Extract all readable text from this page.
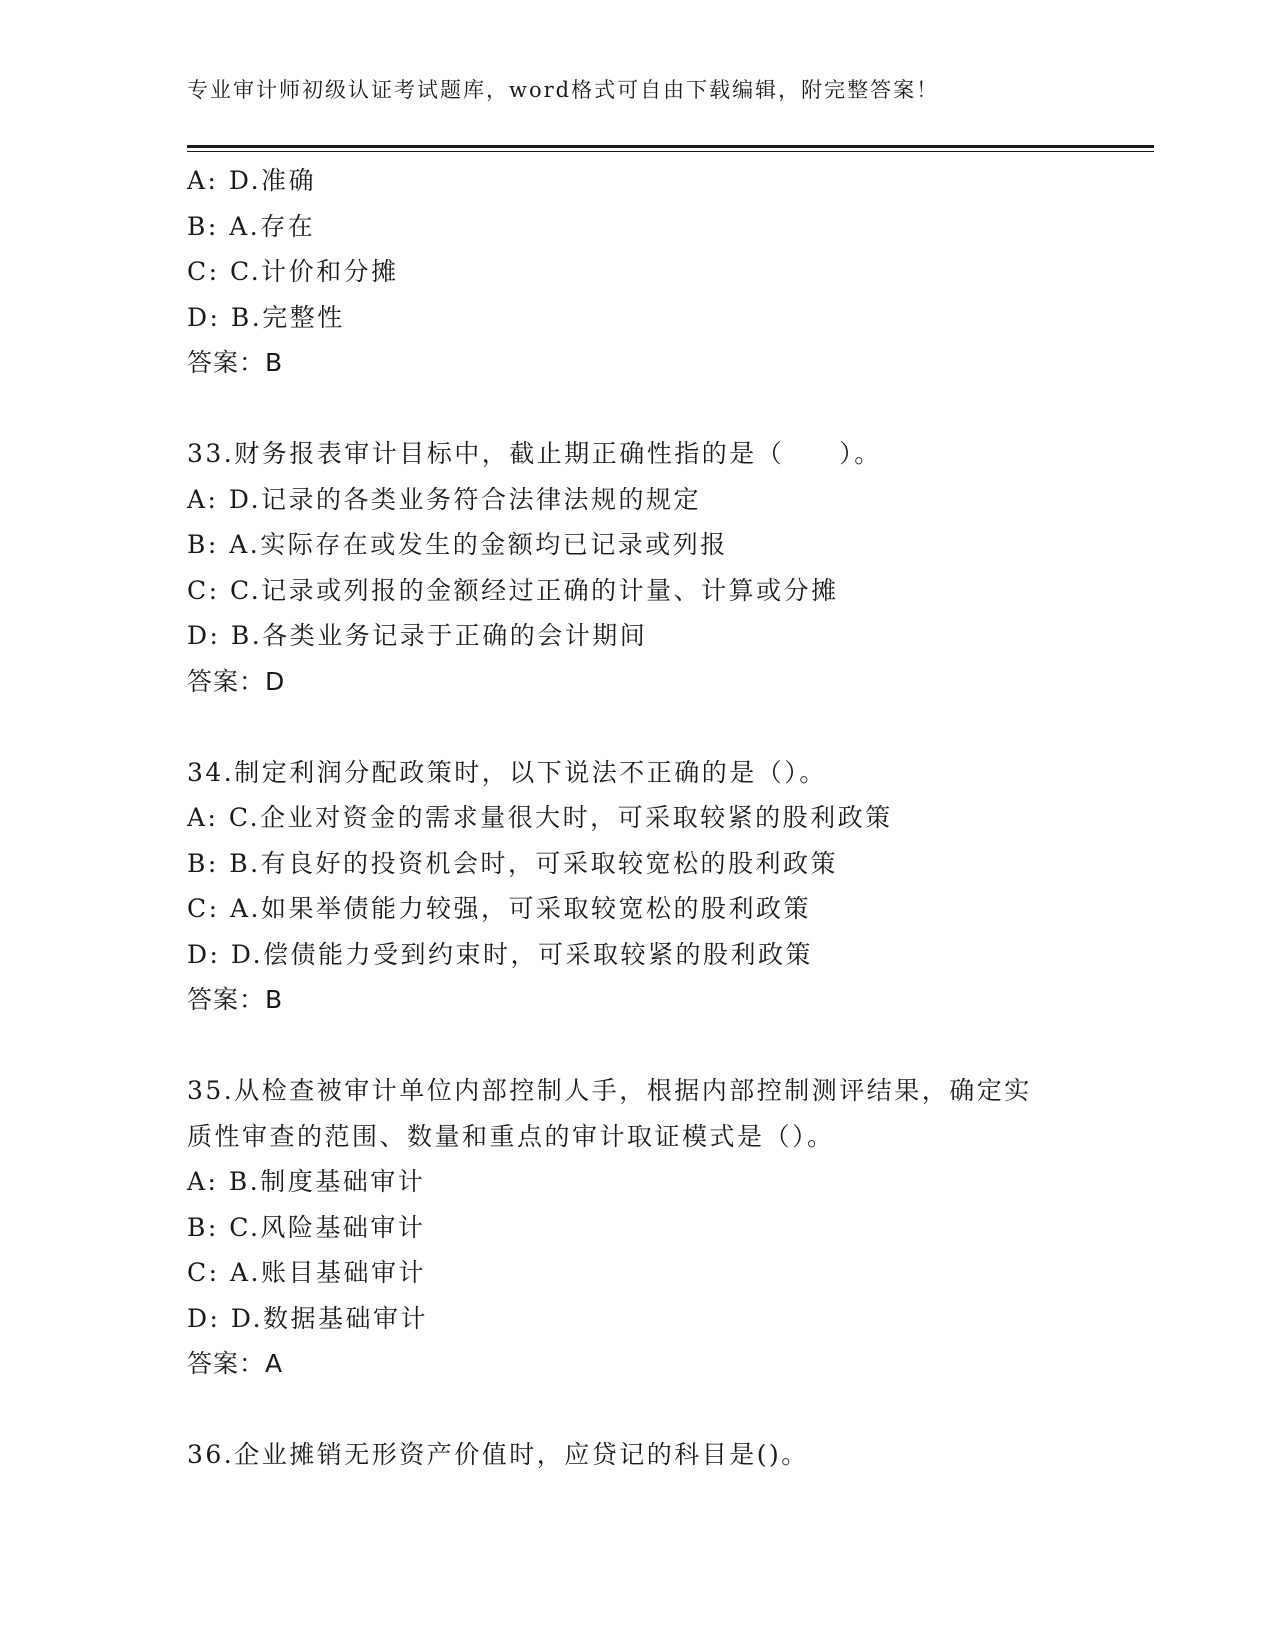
专业审计师初级认证考试题库，word格式可自由下载编辑，附完整答案！
A: D.准确
B: A.存在
C: C.计价和分摊
D: B.完整性
答案：B
33.财务报表审计目标中，截止期正确性指的是（　　）。
A: D.记录的各类业务符合法律法规的规定
B: A.实际存在或发生的金额均已记录或列报
C: C.记录或列报的金额经过正确的计量、计算或分摊
D: B.各类业务记录于正确的会计期间
答案：D
34.制定利润分配政策时，以下说法不正确的是（）。
A: C.企业对资金的需求量很大时，可采取较紧的股利政策
B: B.有良好的投资机会时，可采取较宽松的股利政策
C: A.如果举债能力较强，可采取较宽松的股利政策
D: D.偿债能力受到约束时，可采取较紧的股利政策
答案：B
35.从检查被审计单位内部控制人手，根据内部控制测评结果，确定实
质性审查的范围、数量和重点的审计取证模式是（）。
A: B.制度基础审计
B: C.风险基础审计
C: A.账目基础审计
D: D.数据基础审计
答案：A
36.企业摊销无形资产价值时，应贷记的科目是()。
